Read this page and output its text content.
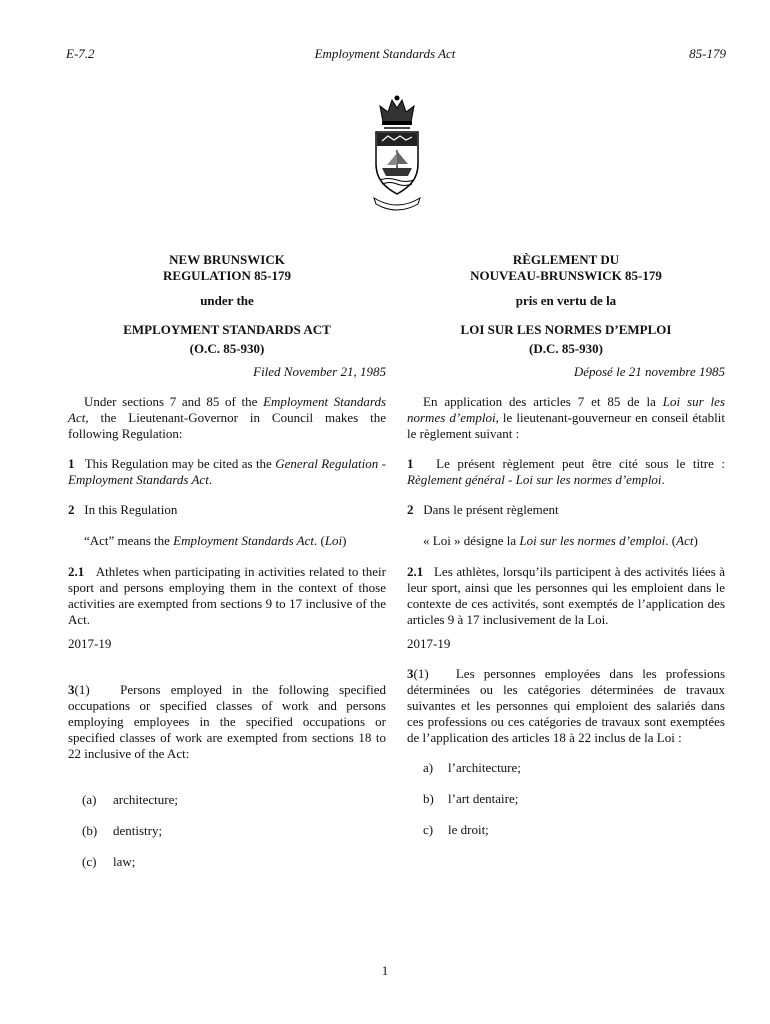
E-7.2	Employment Standards Act	85-179

NEW BRUNSWICK

REGULATION 85-179

under the

EMPLOYMENT STANDARDS ACT

(O.C. 85-930)

Filed November 21, 1985

Under sections 7 and 85 of the Employment Standards Act, the Lieutenant-Governor in Council makes the following Regulation:

1 This Regulation may be cited as the General Regulation - Employment Standards Act.

2 In this Regulation

“Act” means the Employment Standards Act. (Loi)

2.1 Athletes when participating in activities related to their sport and persons employing them in the context of those activities are exempted from sections 9 to 17 inclusive of the Act.

2017-19

3(1) Persons employed in the following specified occupations or specified classes of work and persons employing employees in the specified occupations or specified classes of work are exempted from sections 18 to 22 inclusive of the Act:

(a)	architecture;
(b)	dentistry;
(c)	law;

RÈGLEMENT DU

NOUVEAU-BRUNSWICK 85-179

pris en vertu de la

LOI SUR LES NORMES D’EMPLOI

(D.C. 85-930)

Déposé le 21 novembre 1985

En application des articles 7 et 85 de la Loi sur les normes d’emploi, le lieutenant-gouverneur en conseil établit le règlement suivant :

1 Le présent règlement peut être cité sous le titre : Règlement général - Loi sur les normes d’emploi.

2 Dans le présent règlement

« Loi » désigne la Loi sur les normes d’emploi. (Act)

2.1 Les athlètes, lorsqu’ils participent à des activités liées à leur sport, ainsi que les personnes qui les emploient dans le contexte de ces activités, sont exemptés de l’application des articles 9 à 17 inclusivement de la Loi.

2017-19

3(1) Les personnes employées dans les professions déterminées ou les catégories déterminées de travaux suivantes et les personnes qui emploient des salariés dans ces professions ou ces catégories de travaux sont exemptées de l’application des articles 18 à 22 inclus de la Loi :

a)	l’architecture;
b)	l’art dentaire;
c)	le droit;
1
